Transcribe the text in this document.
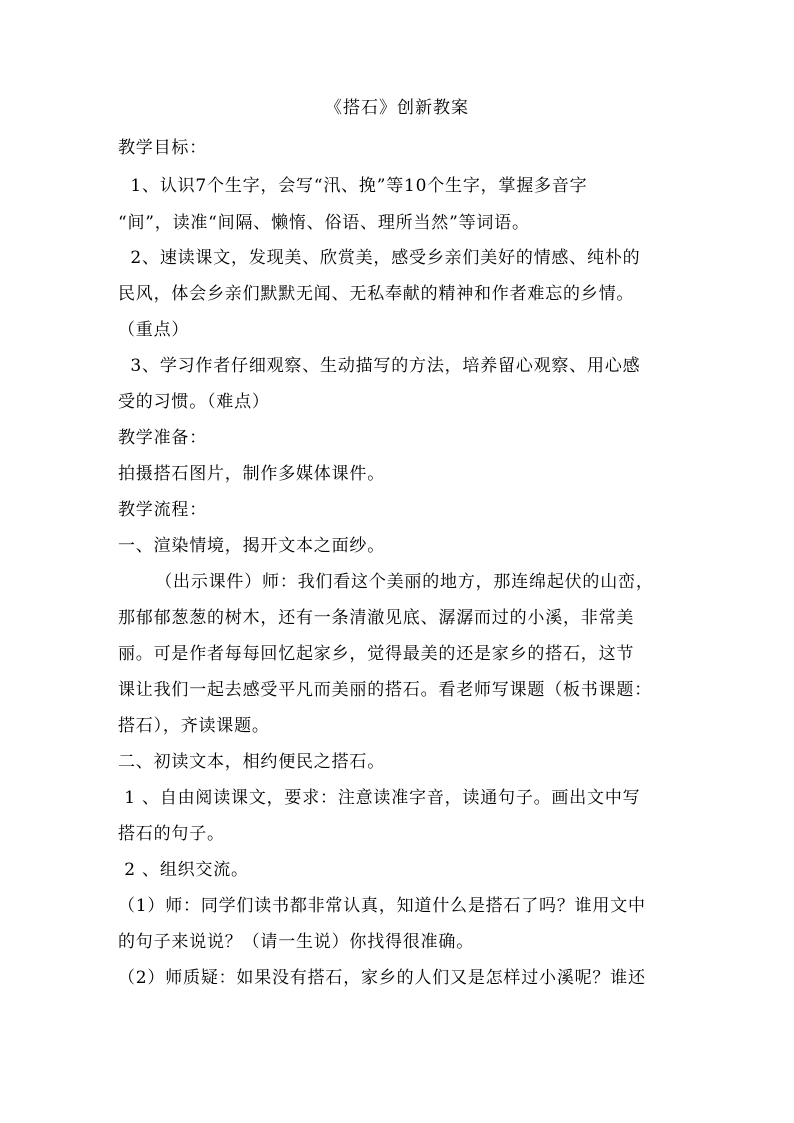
《搭石》创新教案
教学目标：
1、认识7个生字，会写“汛、挽”等10个生字，掌握多音字
“间”，读准“间隔、懒惰、俗语、理所当然”等词语。
2、速读课文，发现美、欣赏美，感受乡亲们美好的情感、纯朴的
民风，体会乡亲们默默无闻、无私奉献的精神和作者难忘的乡情。
（重点）
3、学习作者仔细观察、生动描写的方法，培养留心观察、用心感
受的习惯。（难点）
教学准备：
拍摄搭石图片，制作多媒体课件。
教学流程：
一、渲染情境，揭开文本之面纱。
（出示课件）师：我们看这个美丽的地方，那连绵起伏的山峦，
那郁郁葱葱的树木，还有一条清澈见底、潺潺而过的小溪，非常美
丽。可是作者每每回忆起家乡，觉得最美的还是家乡的搭石，这节
课让我们一起去感受平凡而美丽的搭石。看老师写课题（板书课题：
搭石），齐读课题。
二、初读文本，相约便民之搭石。
1 、自由阅读课文，要求：注意读准字音，读通句子。画出文中写
搭石的句子。
2 、组织交流。
（1）师：同学们读书都非常认真，知道什么是搭石了吗？谁用文中
的句子来说说？（请一生说）你找得很准确。
（2）师质疑：如果没有搭石，家乡的人们又是怎样过小溪呢？谁还
